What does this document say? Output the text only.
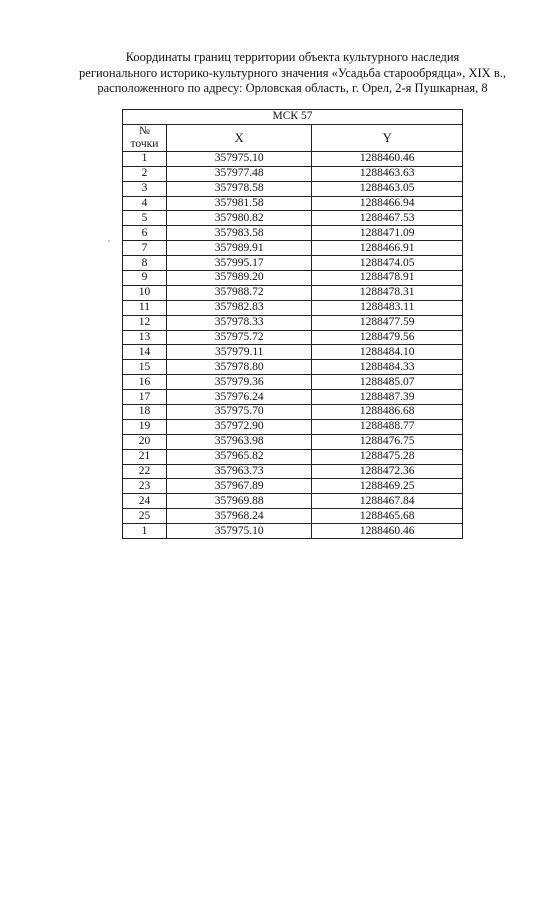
Координаты границ территории объекта культурного наследия
регионального историко-культурного значения «Усадьба старообрядца», XIX в.,
расположенного по адресу: Орловская область, г. Орел, 2-я Пушкарная, 8
МСК 57		

№
точки	X	Y
1	357975.10	1288460.46
2	357977.48	1288463.63
3	357978.58	1288463.05
4	357981.58	1288466.94
5	357980.82	1288467.53
6	357983.58	1288471.09
7	357989.91	1288466.91
8	357995.17	1288474.05
9	357989.20	1288478.91
10	357988.72	1288478.31
11	357982.83	1288483.11
12	357978.33	1288477.59
13	357975.72	1288479.56
14	357979.11	1288484.10
15	357978.80	1288484.33
16	357979.36	1288485.07
17	357976.24	1288487.39
18	357975.70	1288486.68
19	357972.90	1288488.77
20	357963.98	1288476.75
21	357965.82	1288475.28
22	357963.73	1288472.36
23	357967.89	1288469.25
24	357969.88	1288467.84
25	357968.24	1288465.68
1	357975.10	1288460.46
